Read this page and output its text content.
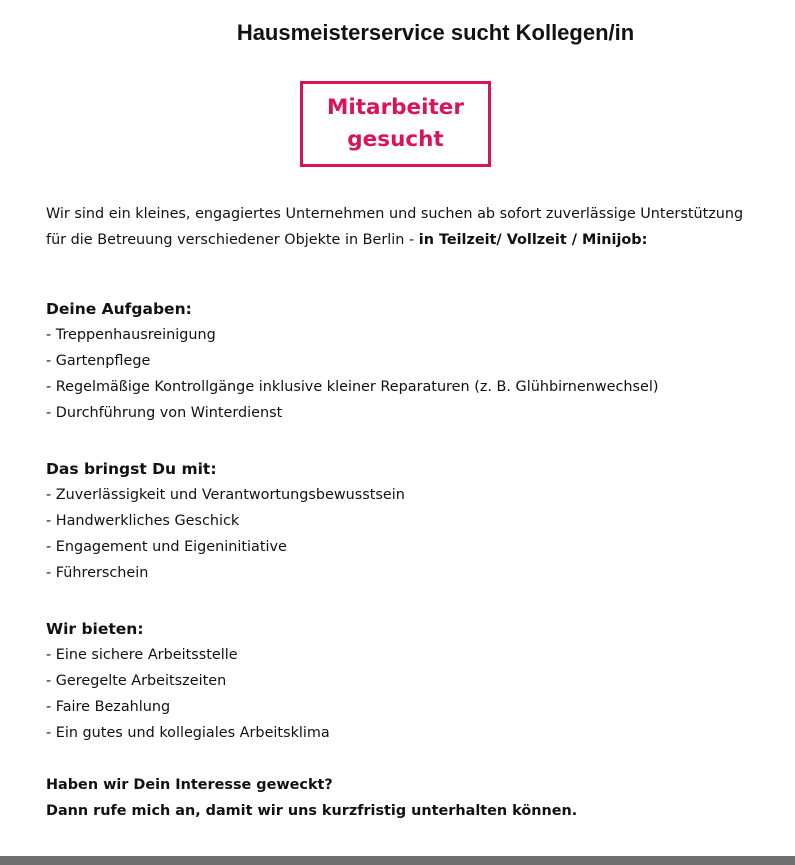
Hausmeisterservice sucht Kollegen/in
Mitarbeiter
gesucht

Wir sind ein kleines, engagiertes Unternehmen und suchen ab sofort zuverlässige Unterstützung für die Betreuung verschiedener Objekte in Berlin - in Teilzeit/ Vollzeit / Minijob:

Deine Aufgaben:

- Treppenhausreinigung
- Gartenpflege
- Regelmäßige Kontrollgänge inklusive kleiner Reparaturen (z. B. Glühbirnenwechsel)
- Durchführung von Winterdienst

Das bringst Du mit:

- Zuverlässigkeit und Verantwortungsbewusstsein
- Handwerkliches Geschick
- Engagement und Eigeninitiative
- Führerschein

Wir bieten:

- Eine sichere Arbeitsstelle
- Geregelte Arbeitszeiten
- Faire Bezahlung
- Ein gutes und kollegiales Arbeitsklima

Haben wir Dein Interesse geweckt?

Dann rufe mich an, damit wir uns kurzfristig unterhalten können.
